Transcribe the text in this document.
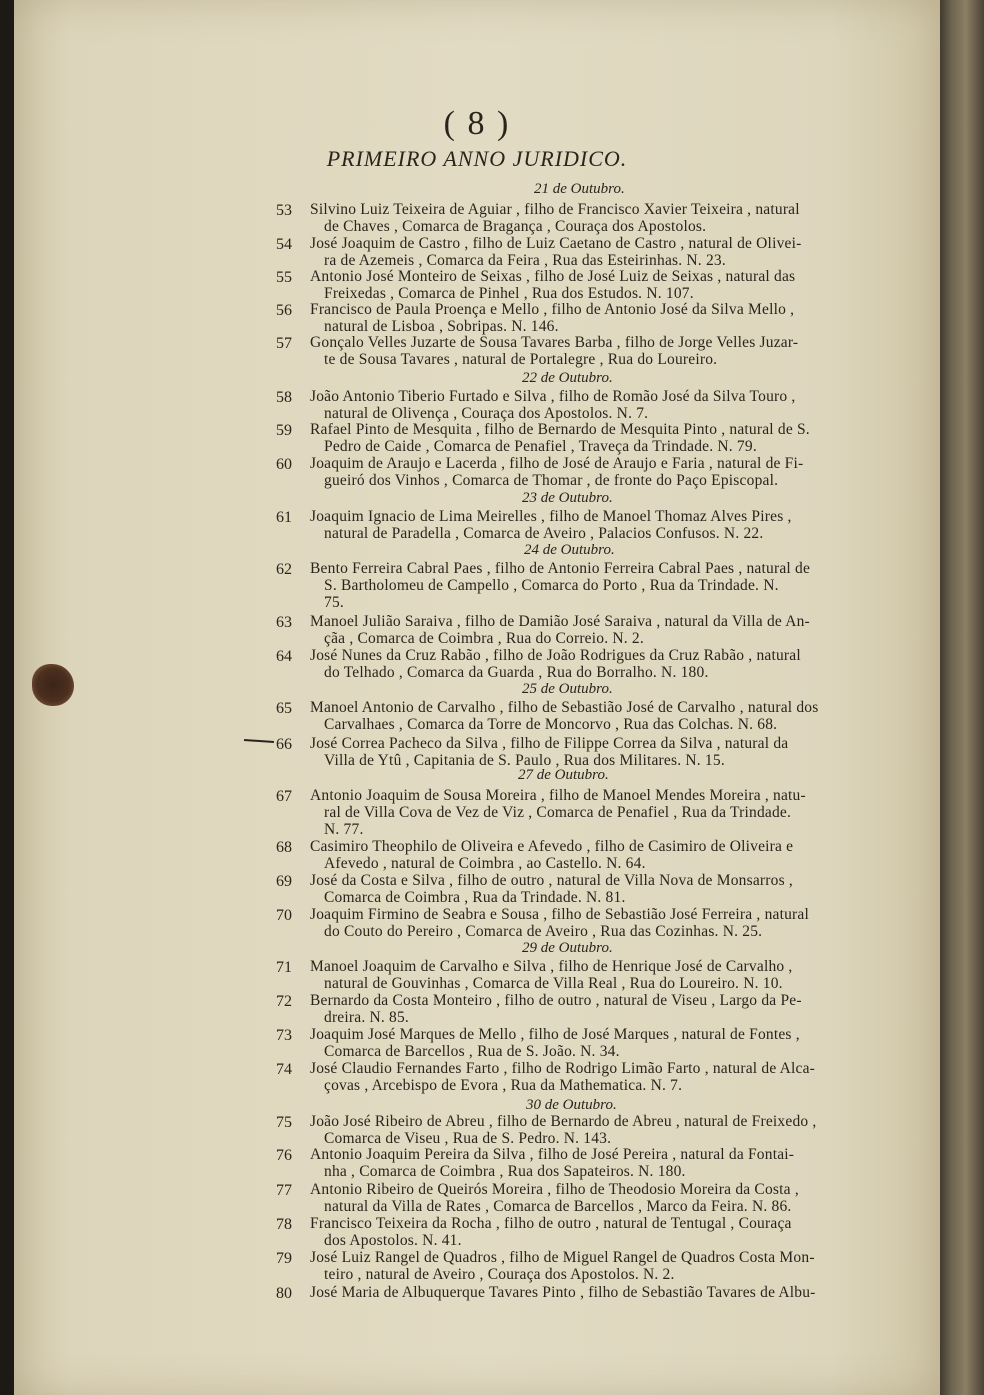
( 8 )
PRIMEIRO ANNO JURIDICO.
21 de Outubro.
22 de Outubro.
23 de Outubro.
24 de Outubro.
25 de Outubro.
27 de Outubro.
29 de Outubro.
30 de Outubro.
53 Silvino Luiz Teixeira de Aguiar , filho de Francisco Xavier Teixeira , natural
de Chaves , Comarca de Bragança , Couraça dos Apostolos.
54 José Joaquim de Castro , filho de Luiz Caetano de Castro , natural de Olivei-
ra de Azemeis , Comarca da Feira , Rua das Esteirinhas. N. 23.
55 Antonio José Monteiro de Seixas , filho de José Luiz de Seixas , natural das
Freixedas , Comarca de Pinhel , Rua dos Estudos. N. 107.
56 Francisco de Paula Proença e Mello , filho de Antonio José da Silva Mello ,
natural de Lisboa , Sobripas. N. 146.
57 Gonçalo Velles Juzarte de Sousa Tavares Barba , filho de Jorge Velles Juzar-
te de Sousa Tavares , natural de Portalegre , Rua do Loureiro.
58 João Antonio Tiberio Furtado e Silva , filho de Romão José da Silva Touro ,
natural de Olivença , Couraça dos Apostolos. N. 7.
59 Rafael Pinto de Mesquita , filho de Bernardo de Mesquita Pinto , natural de S.
Pedro de Caide , Comarca de Penafiel , Traveça da Trindade. N. 79.
60 Joaquim de Araujo e Lacerda , filho de José de Araujo e Faria , natural de Fi-
gueiró dos Vinhos , Comarca de Thomar , de fronte do Paço Episcopal.
61 Joaquim Ignacio de Lima Meirelles , filho de Manoel Thomaz Alves Pires ,
natural de Paradella , Comarca de Aveiro , Palacios Confusos. N. 22.
62 Bento Ferreira Cabral Paes , filho de Antonio Ferreira Cabral Paes , natural de
S. Bartholomeu de Campello , Comarca do Porto , Rua da Trindade. N.
75.
63 Manoel Julião Saraiva , filho de Damião José Saraiva , natural da Villa de An-
çãa , Comarca de Coimbra , Rua do Correio. N. 2.
64 José Nunes da Cruz Rabão , filho de João Rodrigues da Cruz Rabão , natural
do Telhado , Comarca da Guarda , Rua do Borralho. N. 180.
65 Manoel Antonio de Carvalho , filho de Sebastião José de Carvalho , natural dos
Carvalhaes , Comarca da Torre de Moncorvo , Rua das Colchas. N. 68.
66 José Correa Pacheco da Silva , filho de Filippe Correa da Silva , natural da
Villa de Ytû , Capitania de S. Paulo , Rua dos Militares. N. 15.
67 Antonio Joaquim de Sousa Moreira , filho de Manoel Mendes Moreira , natu-
ral de Villa Cova de Vez de Viz , Comarca de Penafiel , Rua da Trindade.
N. 77.
68 Casimiro Theophilo de Oliveira e Afevedo , filho de Casimiro de Oliveira e
Afevedo , natural de Coimbra , ao Castello. N. 64.
69 José da Costa e Silva , filho de outro , natural de Villa Nova de Monsarros ,
Comarca de Coimbra , Rua da Trindade. N. 81.
70 Joaquim Firmino de Seabra e Sousa , filho de Sebastião José Ferreira , natural
do Couto do Pereiro , Comarca de Aveiro , Rua das Cozinhas. N. 25.
71 Manoel Joaquim de Carvalho e Silva , filho de Henrique José de Carvalho ,
natural de Gouvinhas , Comarca de Villa Real , Rua do Loureiro. N. 10.
72 Bernardo da Costa Monteiro , filho de outro , natural de Viseu , Largo da Pe-
dreira. N. 85.
73 Joaquim José Marques de Mello , filho de José Marques , natural de Fontes ,
Comarca de Barcellos , Rua de S. João. N. 34.
74 José Claudio Fernandes Farto , filho de Rodrigo Limão Farto , natural de Alca-
çovas , Arcebispo de Evora , Rua da Mathematica. N. 7.
75 João José Ribeiro de Abreu , filho de Bernardo de Abreu , natural de Freixedo ,
Comarca de Viseu , Rua de S. Pedro. N. 143.
76 Antonio Joaquim Pereira da Silva , filho de José Pereira , natural da Fontai-
nha , Comarca de Coimbra , Rua dos Sapateiros. N. 180.
77 Antonio Ribeiro de Queirós Moreira , filho de Theodosio Moreira da Costa ,
natural da Villa de Rates , Comarca de Barcellos , Marco da Feira. N. 86.
78 Francisco Teixeira da Rocha , filho de outro , natural de Tentugal , Couraça
dos Apostolos. N. 41.
79 José Luiz Rangel de Quadros , filho de Miguel Rangel de Quadros Costa Mon-
teiro , natural de Aveiro , Couraça dos Apostolos. N. 2.
80 José Maria de Albuquerque Tavares Pinto , filho de Sebastião Tavares de Albu-
